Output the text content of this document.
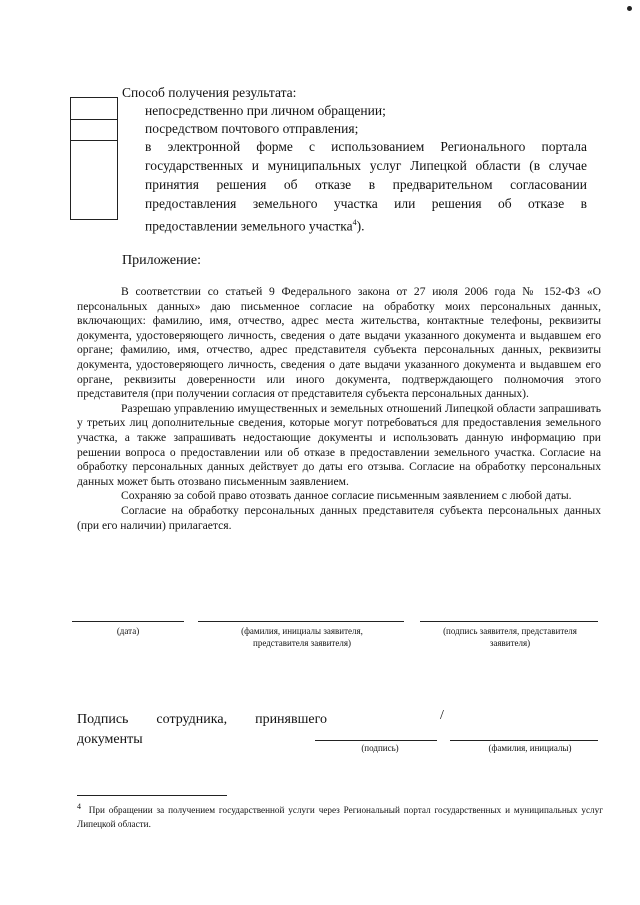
Способ получения результата:
непосредственно при личном обращении;
посредством почтового отправления;
в электронной форме с использованием Регионального портала государственных и муниципальных услуг Липецкой области (в случае принятия решения об отказе в предварительном согласовании предоставления земельного участка или решения об отказе в предоставлении земельного участка$^4$).
Приложение:

В соответствии со статьей 9 Федерального закона от 27 июля 2006 года № 152-ФЗ «О персональных данных» даю письменное согласие на обработку моих персональных данных, включающих: фамилию, имя, отчество, адрес места жительства, контактные телефоны, реквизиты документа, удостоверяющего личность, сведения о дате выдачи указанного документа и выдавшем его органе; фамилию, имя, отчество, адрес представителя субъекта персональных данных, реквизиты документа, удостоверяющего личность, сведения о дате выдачи указанного документа и выдавшем его органе, реквизиты доверенности или иного документа, подтверждающего полномочия этого представителя (при получении согласия от представителя субъекта персональных данных).

Разрешаю управлению имущественных и земельных отношений Липецкой области запрашивать у третьих лиц дополнительные сведения, которые могут потребоваться для предоставления земельного участка, а также запрашивать недостающие документы и использовать данную информацию при решении вопроса о предоставлении или об отказе в предоставлении земельного участка. Согласие на обработку персональных данных действует до даты его отзыва. Согласие на обработку персональных данных может быть отозвано письменным заявлением.

Сохраняю за собой право отозвать данное согласие письменным заявлением с любой даты.

Согласие на обработку персональных данных представителя субъекта персональных данных (при его наличии) прилагается.

(дата)	(фамилия, инициалы заявителя, представителя заявителя)
(подпись заявителя, представителя заявителя)
Подпись сотрудника, принявшего документы
/
(подпись)	(фамилия, инициалы)
$^4$ При обращении за получением государственной услуги через Региональный портал государственных и муниципальных услуг Липецкой области.
